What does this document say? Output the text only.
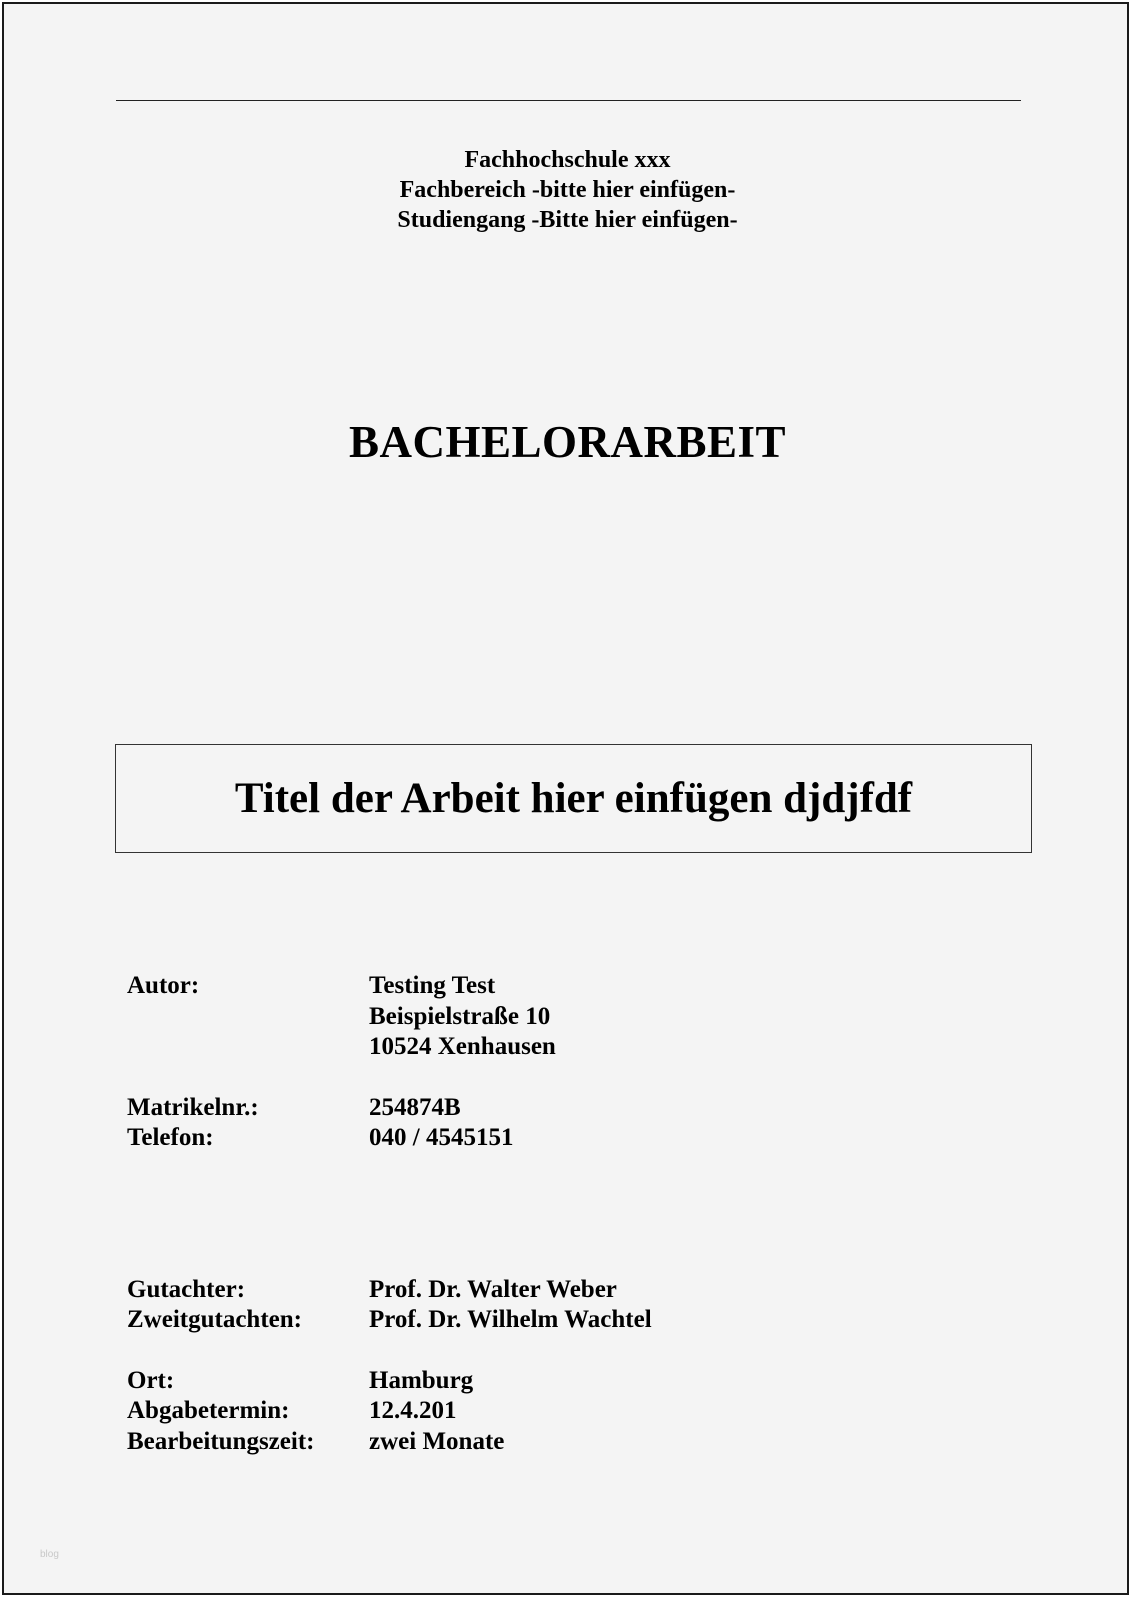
Fachhochschule xxx
Fachbereich -bitte hier einfügen-
Studiengang -Bitte hier einfügen-
BACHELORARBEIT
Titel der Arbeit hier einfügen djdjfdf
Autor:	Testing Test
Beispielstraße 10
10524 Xenhausen
Matrikelnr.:	254874B
Telefon:	040 / 4545151
Gutachter:	Prof. Dr. Walter Weber
Zweitgutachten:	Prof. Dr. Wilhelm Wachtel
Ort:	Hamburg
Abgabetermin:	12.4.201
Bearbeitungszeit:	zwei Monate
blog
